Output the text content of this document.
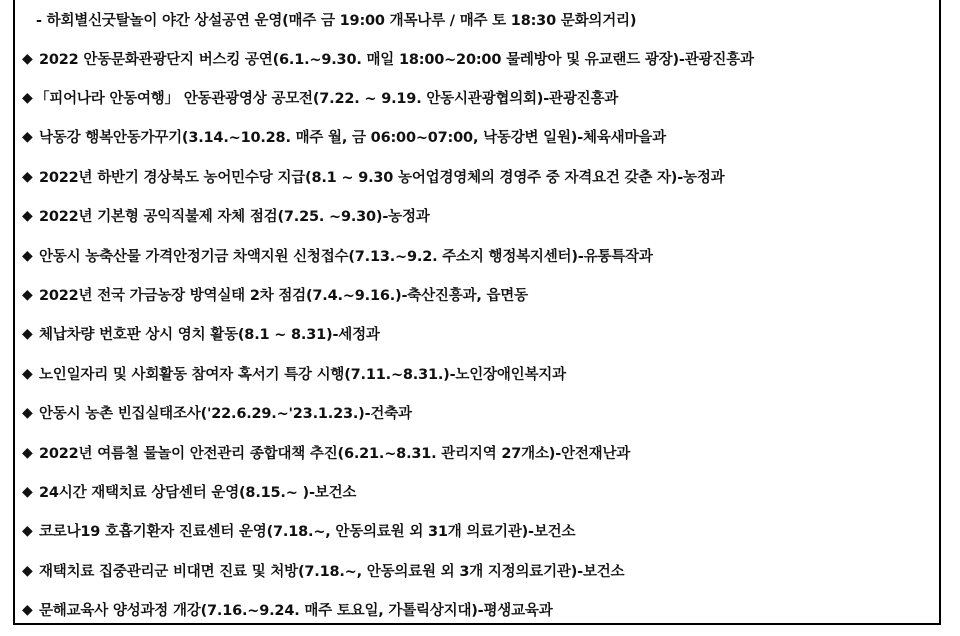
- 하회별신굿탈놀이 야간 상설공연 운영(매주 금 19:00 개목나루 / 매주 토 18:30 문화의거리)
◆ 2022 안동문화관광단지 버스킹 공연(6.1.~9.30. 매일 18:00~20:00 물레방아 및 유교랜드 광장)-관광진흥과
◆ 「피어나라 안동여행」 안동관광영상 공모전(7.22. ~ 9.19. 안동시관광협의회)-관광진흥과
◆ 낙동강 행복안동가꾸기(3.14.~10.28. 매주 월, 금 06:00~07:00, 낙동강변 일원)-체육새마을과
◆ 2022년 하반기 경상북도 농어민수당 지급(8.1 ~ 9.30 농어업경영체의 경영주 중 자격요건 갖춘 자)-농정과
◆ 2022년 기본형 공익직불제 자체 점검(7.25. ~9.30)-농정과
◆ 안동시 농축산물 가격안정기금 차액지원 신청접수(7.13.~9.2. 주소지 행정복지센터)-유통특작과
◆ 2022년 전국 가금농장 방역실태 2차 점검(7.4.~9.16.)-축산진흥과, 읍면동
◆ 체납차량 번호판 상시 영치 활동(8.1 ~ 8.31)-세정과
◆ 노인일자리 및 사회활동 참여자 혹서기 특강 시행(7.11.~8.31.)-노인장애인복지과
◆ 안동시 농촌 빈집실태조사('22.6.29.~'23.1.23.)-건축과
◆ 2022년 여름철 물놀이 안전관리 종합대책 추진(6.21.~8.31. 관리지역 27개소)-안전재난과
◆ 24시간 재택치료 상담센터 운영(8.15.~ )-보건소
◆ 코로나19 호흡기환자 진료센터 운영(7.18.~, 안동의료원 외 31개 의료기관)-보건소
◆ 재택치료 집중관리군 비대면 진료 및 처방(7.18.~, 안동의료원 외 3개 지정의료기관)-보건소
◆ 문해교육사 양성과정 개강(7.16.~9.24. 매주 토요일, 가톨릭상지대)-평생교육과
